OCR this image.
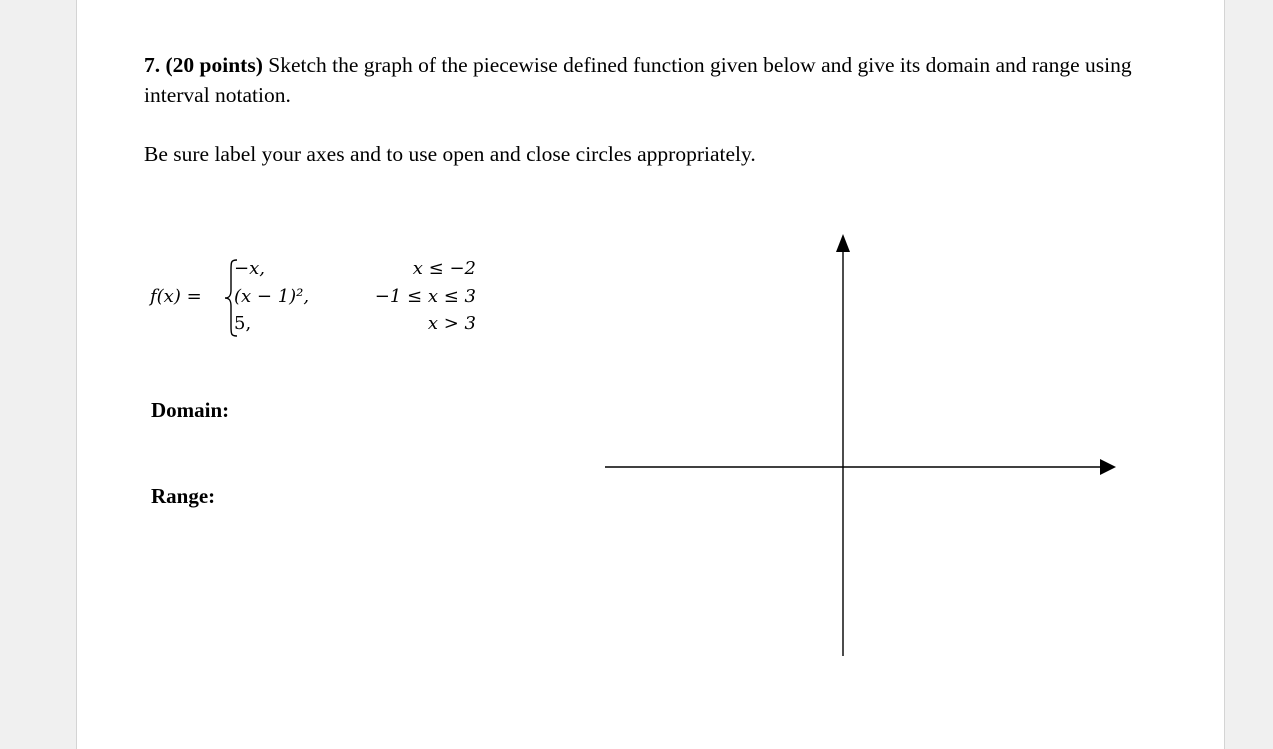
7. (20 points) Sketch the graph of the piecewise defined function given below and give its domain and range using interval notation.
Be sure label your axes and to use open and close circles appropriately.
f(x) =
−x,
(x − 1)²,
5,
x ≤ −2
−1 ≤ x ≤ 3
x > 3
Domain:
Range:
